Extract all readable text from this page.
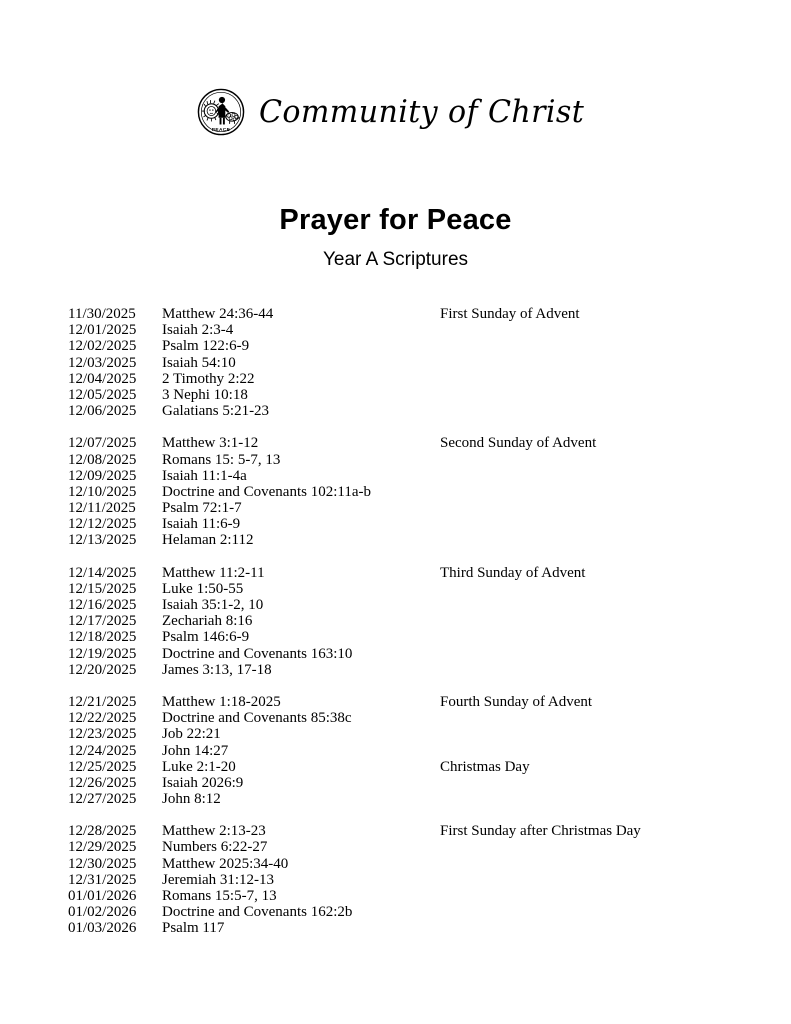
PEACE
Community of Christ
Prayer for Peace
Year A Scriptures
11/30/2025	Matthew 24:36-44	First Sunday of Advent
12/01/2025	Isaiah 2:3-4
12/02/2025	Psalm 122:6-9
12/03/2025	Isaiah 54:10
12/04/2025	2 Timothy 2:22
12/05/2025	3 Nephi 10:18
12/06/2025	Galatians 5:21-23
12/07/2025	Matthew 3:1-12	Second Sunday of Advent
12/08/2025	Romans 15: 5-7, 13
12/09/2025	Isaiah 11:1-4a
12/10/2025	Doctrine and Covenants 102:11a-b
12/11/2025	Psalm 72:1-7
12/12/2025	Isaiah 11:6-9
12/13/2025	Helaman 2:112
12/14/2025	Matthew 11:2-11	Third Sunday of Advent
12/15/2025	Luke 1:50-55
12/16/2025	Isaiah 35:1-2, 10
12/17/2025	Zechariah 8:16
12/18/2025	Psalm 146:6-9
12/19/2025	Doctrine and Covenants 163:10
12/20/2025	James 3:13, 17-18
12/21/2025	Matthew 1:18-2025	Fourth Sunday of Advent
12/22/2025	Doctrine and Covenants 85:38c
12/23/2025	Job 22:21
12/24/2025	John 14:27
12/25/2025	Luke 2:1-20	Christmas Day
12/26/2025	Isaiah 2026:9
12/27/2025	John 8:12
12/28/2025	Matthew 2:13-23	First Sunday after Christmas Day
12/29/2025	Numbers 6:22-27
12/30/2025	Matthew 2025:34-40
12/31/2025	Jeremiah 31:12-13
01/01/2026	Romans 15:5-7, 13
01/02/2026	Doctrine and Covenants 162:2b
01/03/2026	Psalm 117
